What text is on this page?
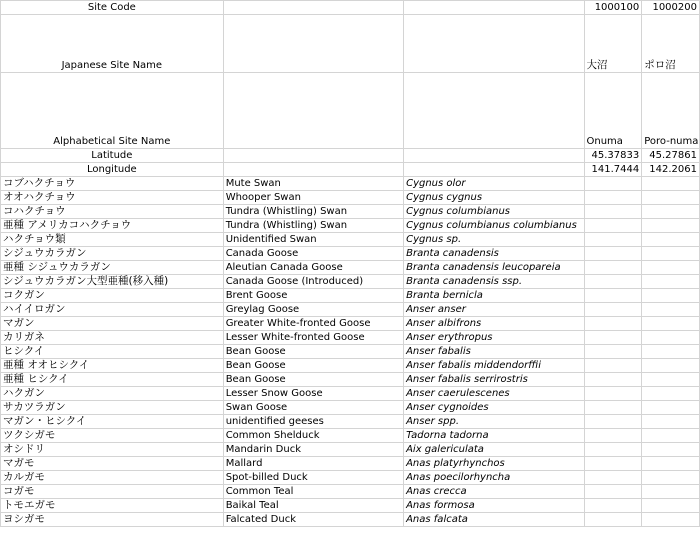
Site Code			1000100	1000200
Japanese Site Name			大沼	ポロ沼
Alphabetical Site Name			Onuma	Poro-numa
Latitude			45.37833	45.27861
Longitude			141.7444	142.2061
コブハクチョウ	Mute Swan	Cygnus olor		
オオハクチョウ	Whooper Swan	Cygnus cygnus		
コハクチョウ	Tundra (Whistling) Swan	Cygnus columbianus		
亜種 アメリカコハクチョウ	Tundra (Whistling) Swan	Cygnus columbianus columbianus		
ハクチョウ類	Unidentified Swan	Cygnus sp.		
シジュウカラガン	Canada Goose	Branta canadensis		
亜種 シジュウカラガン	Aleutian Canada Goose	Branta canadensis leucopareia		
シジュウカラガン大型亜種(移入種)	Canada Goose (Introduced)	Branta canadensis ssp.		
コクガン	Brent Goose	Branta bernicla		
ハイイロガン	Greylag Goose	Anser anser		
マガン	Greater White-fronted Goose	Anser albifrons		
カリガネ	Lesser White-fronted Goose	Anser erythropus		
ヒシクイ	Bean Goose	Anser fabalis		
亜種 オオヒシクイ	Bean Goose	Anser fabalis middendorffii		
亜種 ヒシクイ	Bean Goose	Anser fabalis serrirostris		
ハクガン	Lesser Snow Goose	Anser caerulescenes		
サカツラガン	Swan Goose	Anser cygnoides		
マガン・ヒシクイ	unidentified geeses	Anser spp.		
ツクシガモ	Common Shelduck	Tadorna tadorna		
オシドリ	Mandarin Duck	Aix galericulata		
マガモ	Mallard	Anas platyrhynchos		
カルガモ	Spot-billed Duck	Anas poecilorhyncha		
コガモ	Common Teal	Anas crecca		
トモエガモ	Baikal Teal	Anas formosa		
ヨシガモ	Falcated Duck	Anas falcata		
